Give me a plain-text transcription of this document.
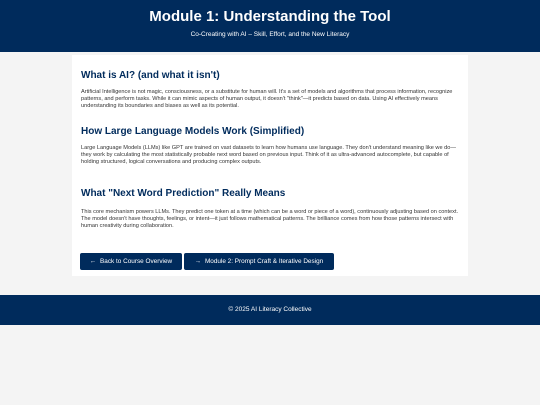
Module 1: Understanding the Tool

Co-Creating with AI – Skill, Effort, and the New Literacy

What is AI? (and what it isn't)

Artificial Intelligence is not magic, consciousness, or a substitute for human will. It's a set of models and algorithms that process information, recognize patterns, and perform tasks. While it can mimic aspects of human output, it doesn't "think"—it predicts based on data. Using AI effectively means understanding its boundaries and biases as well as its potential.

How Large Language Models Work (Simplified)

Large Language Models (LLMs) like GPT are trained on vast datasets to learn how humans use language. They don't understand meaning like we do—they work by calculating the most statistically probable next word based on previous input. Think of it as ultra-advanced autocomplete, but capable of holding structured, logical conversations and producing complex outputs.

What "Next Word Prediction" Really Means

This core mechanism powers LLMs. They predict one token at a time (which can be a word or piece of a word), continuously adjusting based on context. The model doesn't have thoughts, feelings, or intent—it just follows mathematical patterns. The brilliance comes from how those patterns intersect with human creativity during collaboration.

← Back to Course Overview	→ Module 2: Prompt Craft & Iterative Design
© 2025 AI Literacy Collective
